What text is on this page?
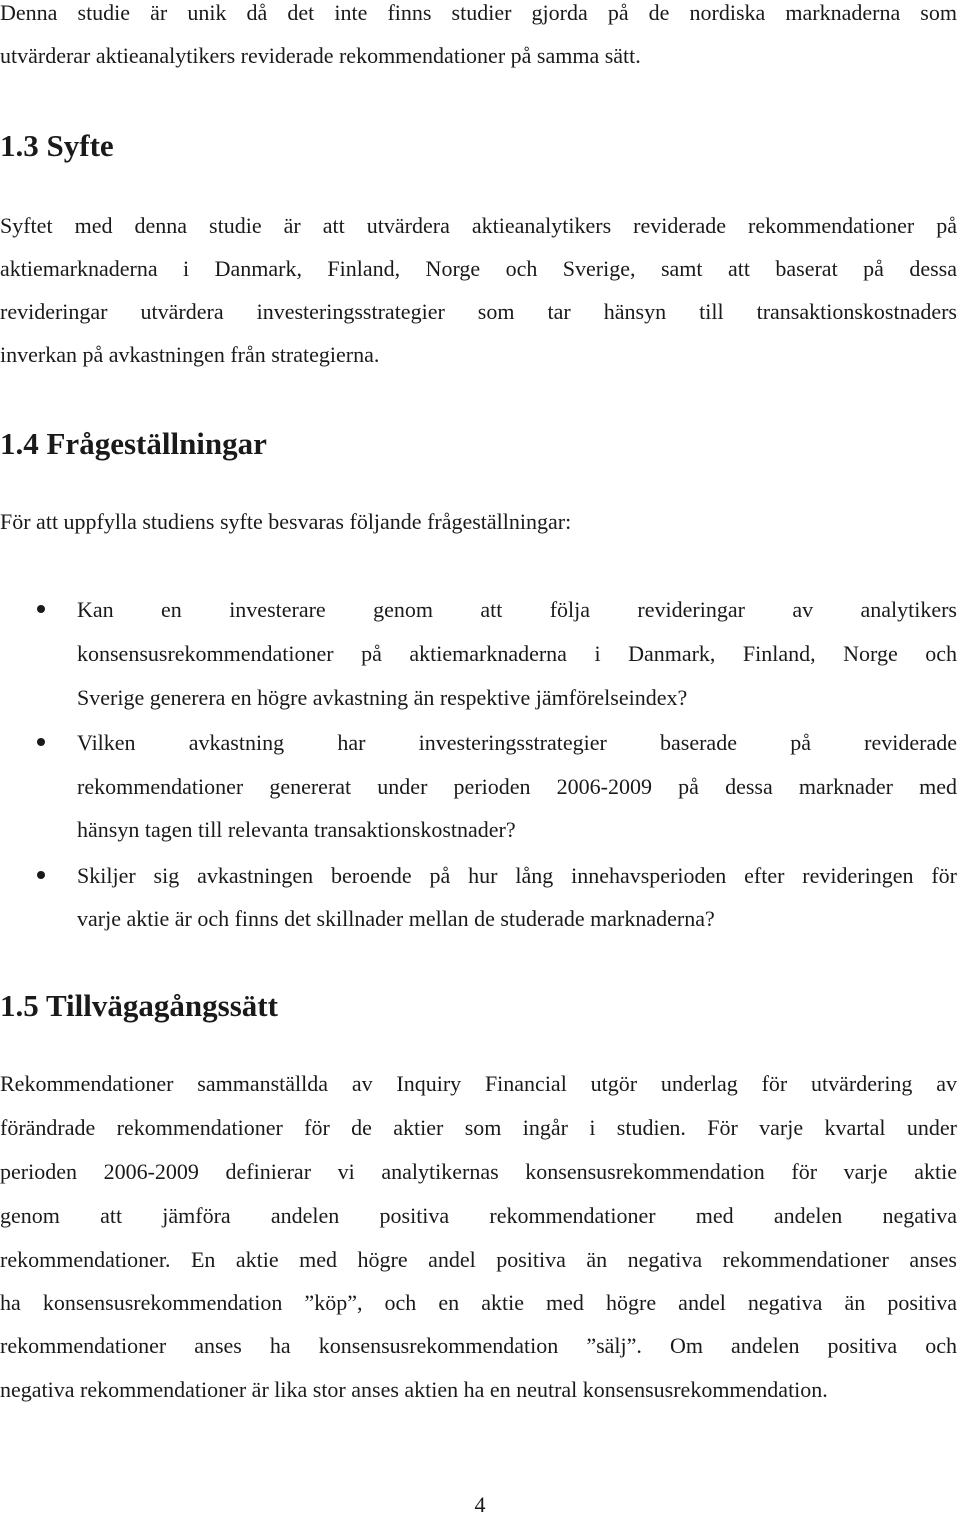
Denna studie är unik då det inte finns studier gjorda på de nordiska marknaderna som
utvärderar aktieanalytikers reviderade rekommendationer på samma sätt.
1.3 Syfte
Syftet med denna studie är att utvärdera aktieanalytikers reviderade rekommendationer på
aktiemarknaderna i Danmark, Finland, Norge och Sverige, samt att baserat på dessa
revideringar utvärdera investeringsstrategier som tar hänsyn till transaktionskostnaders
inverkan på avkastningen från strategierna.
1.4 Frågeställningar
För att uppfylla studiens syfte besvaras följande frågeställningar:
Kan en investerare genom att följa revideringar av analytikers
konsensusrekommendationer på aktiemarknaderna i Danmark, Finland, Norge och
Sverige generera en högre avkastning än respektive jämförelseindex?
Vilken avkastning har investeringsstrategier baserade på reviderade
rekommendationer genererat under perioden 2006-2009 på dessa marknader med
hänsyn tagen till relevanta transaktionskostnader?
Skiljer sig avkastningen beroende på hur lång innehavsperioden efter revideringen för
varje aktie är och finns det skillnader mellan de studerade marknaderna?
1.5 Tillvägagångssätt
Rekommendationer sammanställda av Inquiry Financial utgör underlag för utvärdering av
förändrade rekommendationer för de aktier som ingår i studien. För varje kvartal under
perioden 2006-2009 definierar vi analytikernas konsensusrekommendation för varje aktie
genom att jämföra andelen positiva rekommendationer med andelen negativa
rekommendationer. En aktie med högre andel positiva än negativa rekommendationer anses
ha konsensusrekommendation ”köp”, och en aktie med högre andel negativa än positiva
rekommendationer anses ha konsensusrekommendation ”sälj”. Om andelen positiva och
negativa rekommendationer är lika stor anses aktien ha en neutral konsensusrekommendation.
4
